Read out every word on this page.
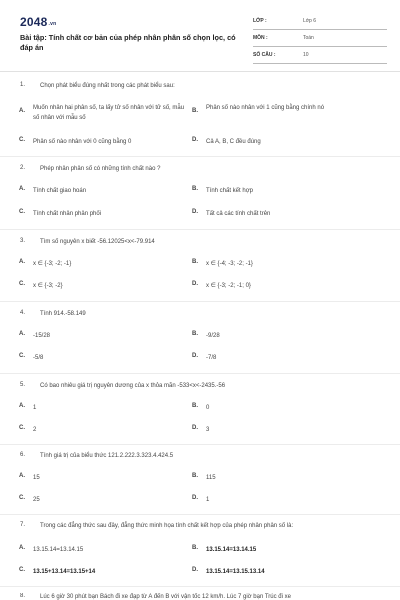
2048.vn
Bài tập: Tính chất cơ bản của phép nhân phân số chọn lọc, có đáp án
LỚP :	Lớp 6
MÔN :	Toán
SỐ CÂU :	10
1. Chọn phát biểu đúng nhất trong các phát biểu sau:
A. Muốn nhân hai phân số, ta lấy tử số nhân với tử số, mẫu số nhân với mẫu số
B. Phân số nào nhân với 1 cũng bằng chính nó
C. Phân số nào nhân với 0 cũng bằng 0	D. Cả A, B, C đều đúng
2. Phép nhân phân số có những tính chất nào ?
A. Tính chất giao hoán	B. Tính chất kết hợp
C. Tính chất nhân phân phối	D. Tất cả các tính chất trên
3. Tìm số nguyên x biết -56.12025<x<-79.914
A. x ∈ {-3; -2; -1}	B. x ∈ {-4; -3; -2; -1}
C. x ∈ {-3; -2}	D. x ∈ {-3; -2; -1; 0}
4. Tính 914.-58.149
A. -15/28	B. -9/28
C. -5/8	D. -7/8
5. Có bao nhiêu giá trị nguyên dương của x thỏa mãn -533<x<-2435.-56
A. 1	B. 0
C. 2	D. 3
6. Tính giá trị của biểu thức 121.2.222.3.323.4.424.5
A. 15	B. 115
C. 25	D. 1
7. Trong các đẳng thức sau đây, đẳng thức minh họa tính chất kết hợp của phép nhân phân số là:
A. 13.15.14=13.14.15	B. 13.15.14=13.14.15
C. 13.15+13.14=13.15+14	D. 13.15.14=13.15.13.14
8. Lúc 6 giờ 30 phút bạn Bách đi xe đạp từ A đến B với vận tốc 12 km/h. Lúc 7 giờ bạn Trúc đi xe
